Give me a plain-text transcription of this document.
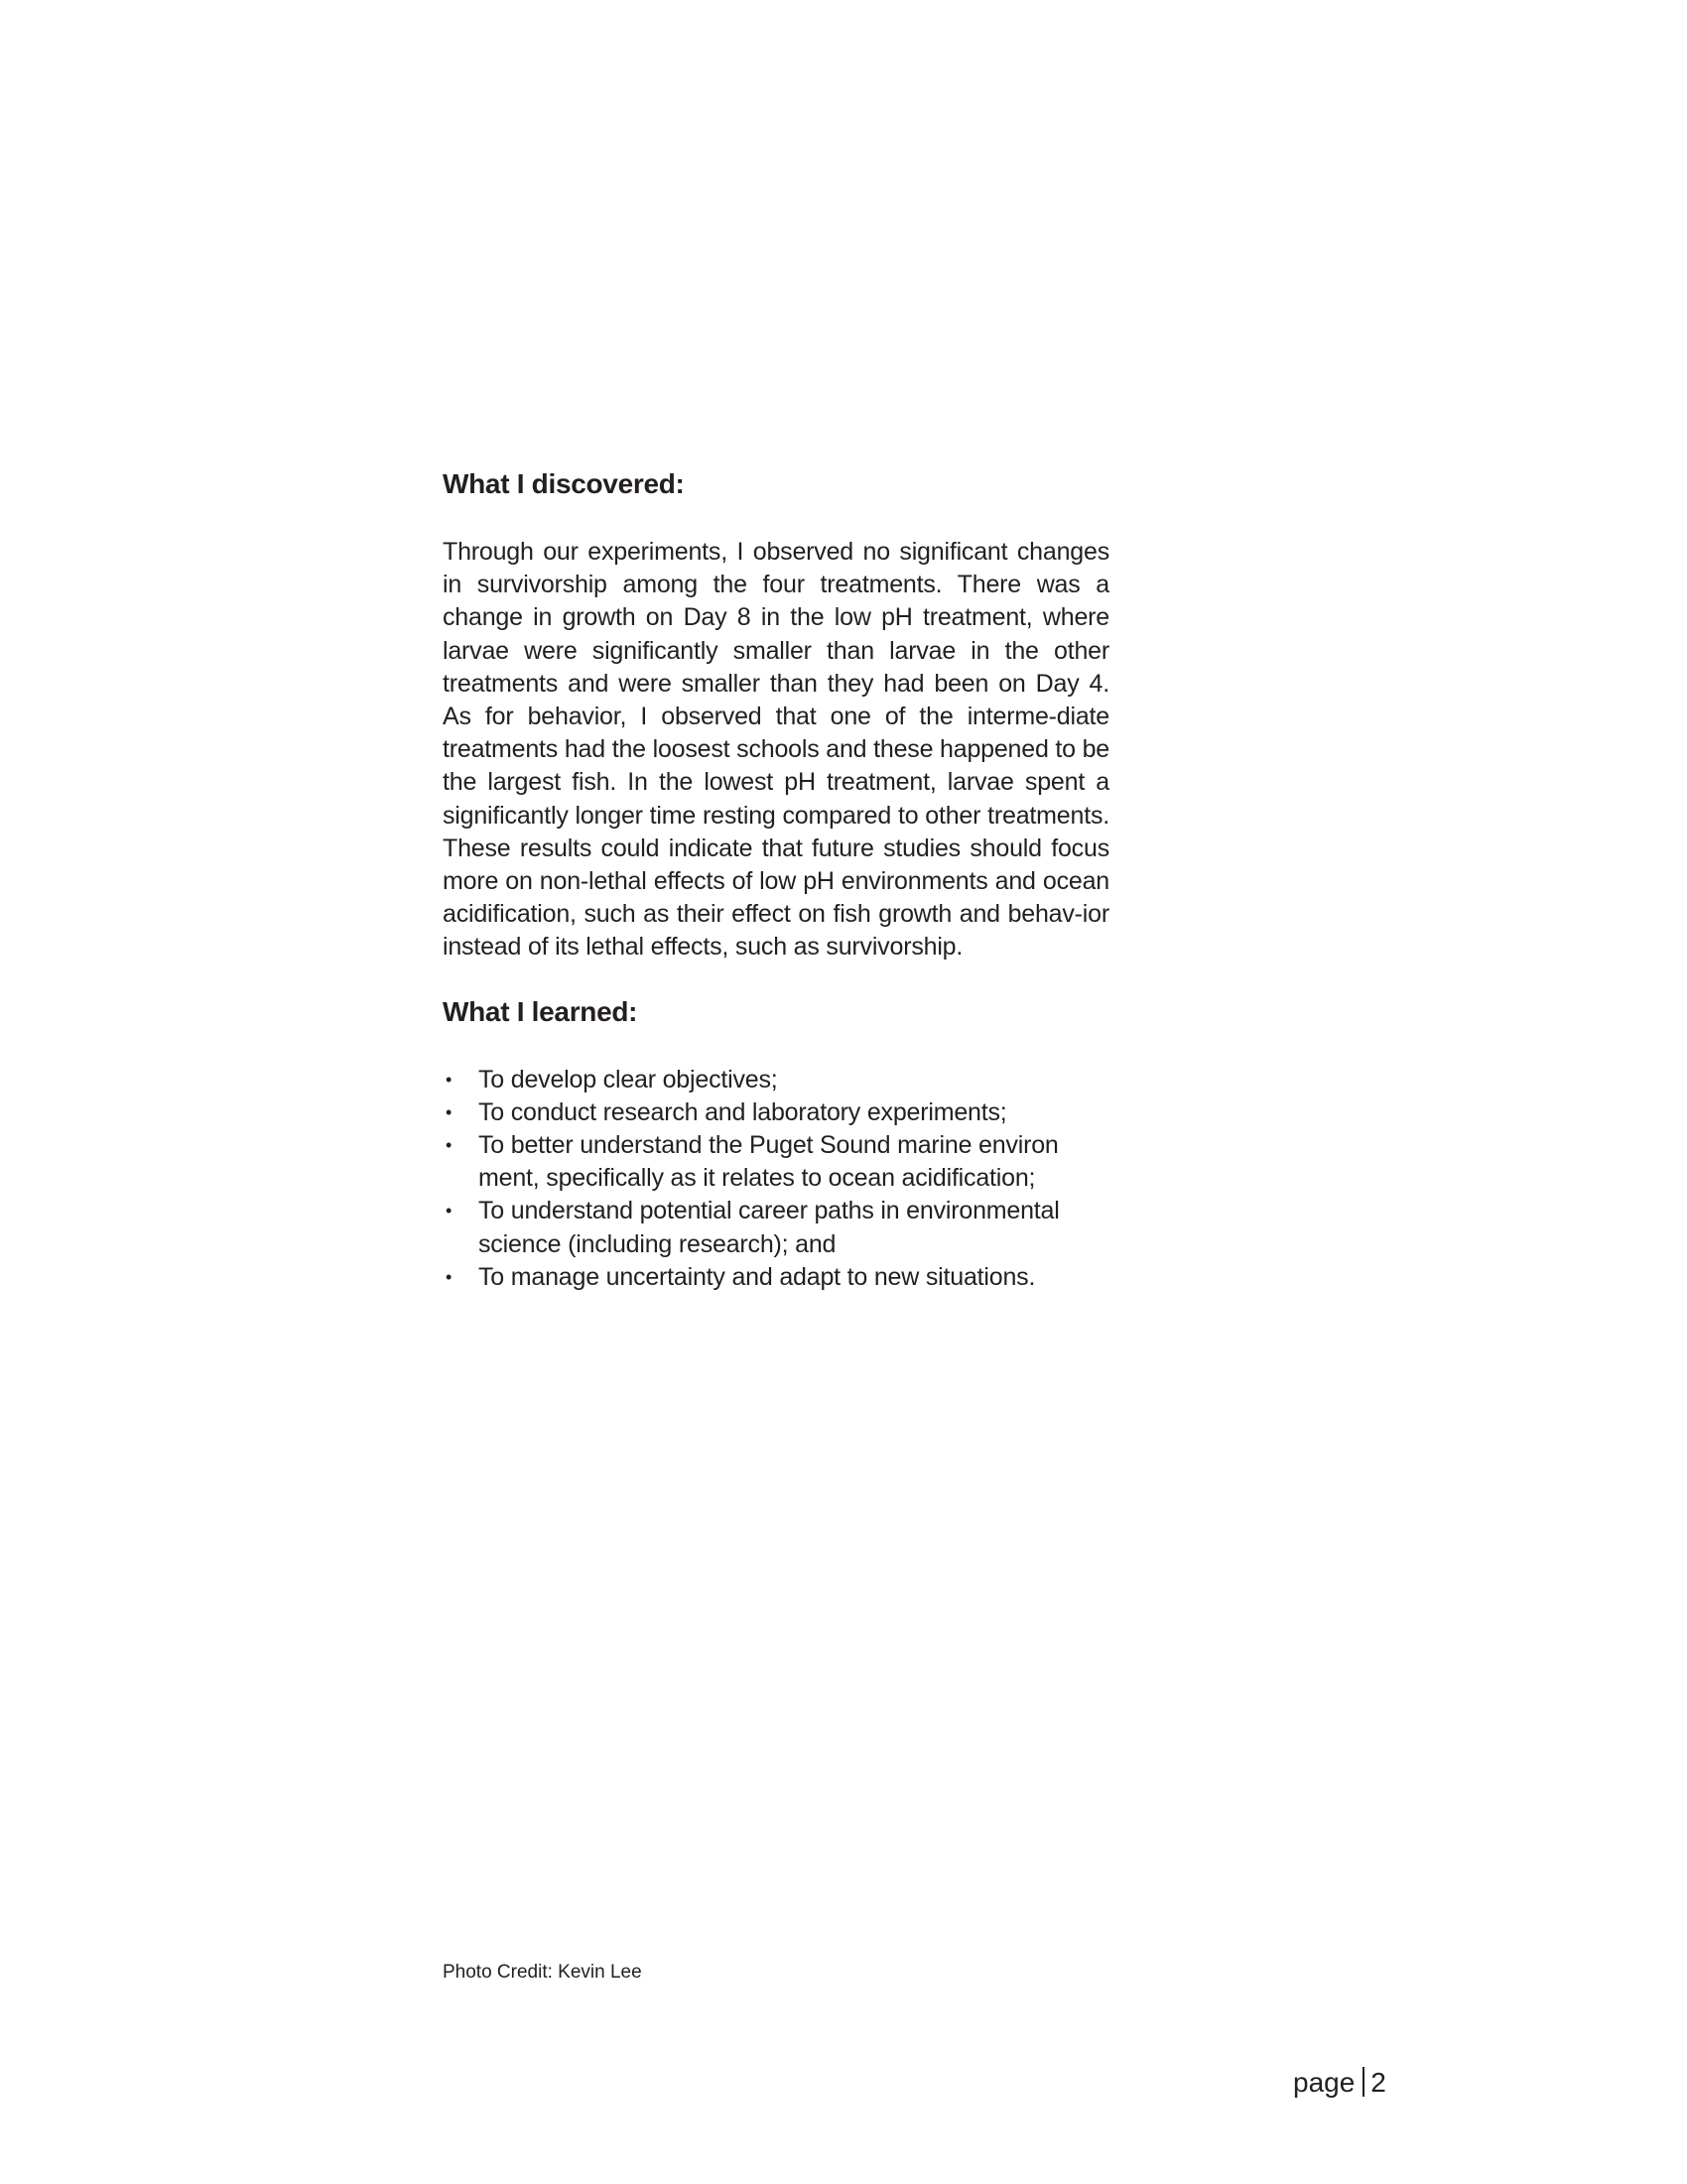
What I discovered:

Through our experiments, I observed no significant changes in survivorship among the four treatments. There was a change in growth on Day 8 in the low pH treatment, where larvae were significantly smaller than larvae in the other treatments and were smaller than they had been on Day 4. As for behavior, I observed that one of the interme-diate treatments had the loosest schools and these happened to be the largest fish. In the lowest pH treatment, larvae spent a significantly longer time resting compared to other treatments. These results could indicate that future studies should focus more on non-lethal effects of low pH environments and ocean acidification, such as their effect on fish growth and behav-ior instead of its lethal effects, such as survivorship.

What I learned:
• To develop clear objectives;
• To conduct research and laboratory experiments;
• To better understand the Puget Sound marine environ ment, specifically as it relates to ocean acidification;
• To understand potential career paths in environmental science (including research); and
• To manage uncertainty and adapt to new situations.
Photo Credit: Kevin Lee
page 2
